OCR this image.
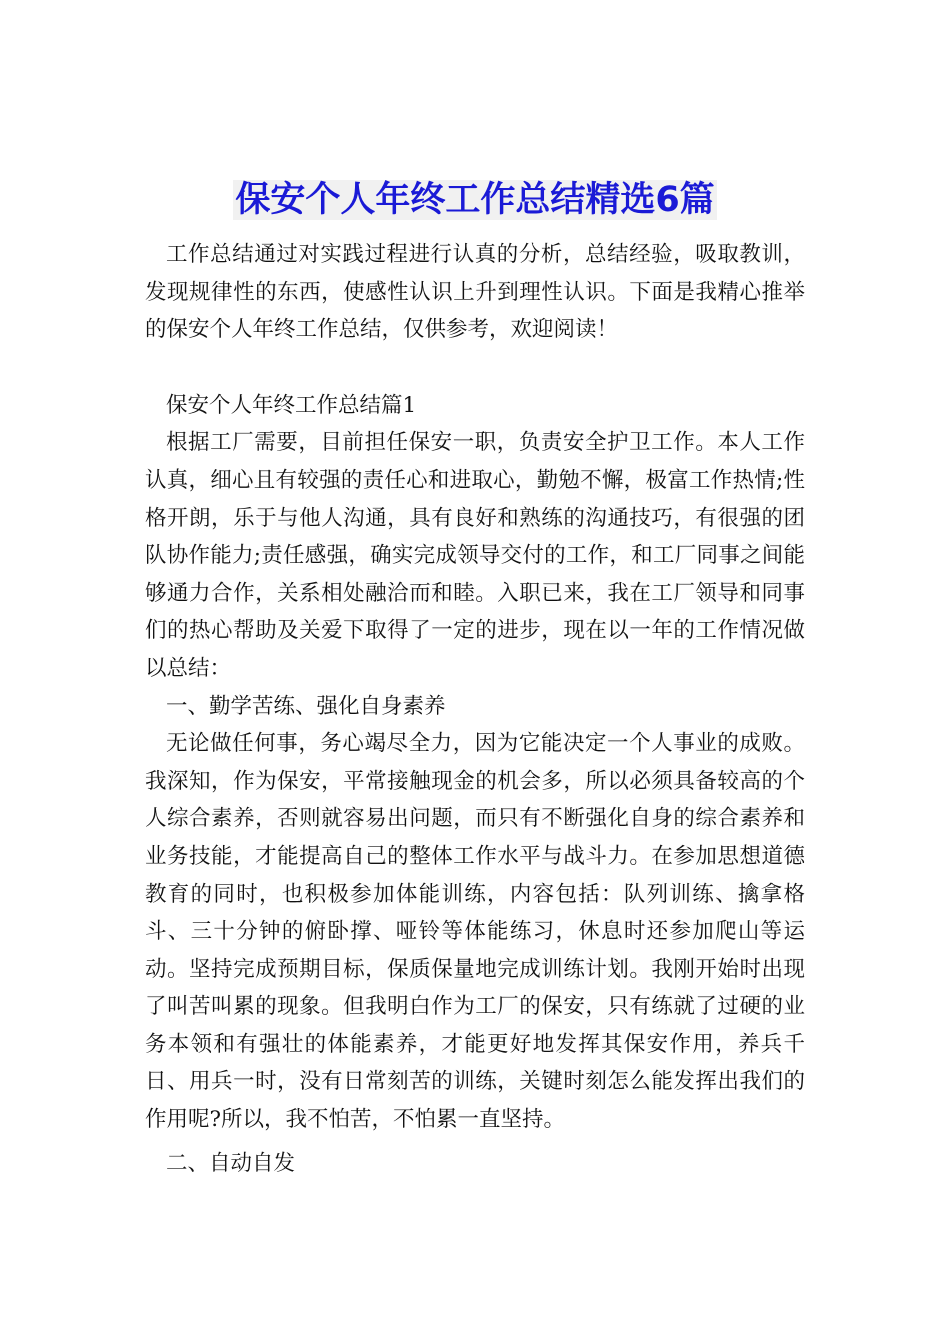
保安个人年终工作总结精选6篇

工作总结通过对实践过程进行认真的分析，总结经验，吸取教训，发现规律性的东西，使感性认识上升到理性认识。下面是我精心推举的保安个人年终工作总结，仅供参考，欢迎阅读！

保安个人年终工作总结篇1

根据工厂需要，目前担任保安一职，负责安全护卫工作。本人工作认真，细心且有较强的责任心和进取心，勤勉不懈，极富工作热情;性格开朗，乐于与他人沟通，具有良好和熟练的沟通技巧，有很强的团队协作能力;责任感强，确实完成领导交付的工作，和工厂同事之间能够通力合作，关系相处融洽而和睦。入职已来，我在工厂领导和同事们的热心帮助及关爱下取得了一定的进步，现在以一年的工作情况做以总结：

一、勤学苦练、强化自身素养

无论做任何事，务心竭尽全力，因为它能决定一个人事业的成败。我深知，作为保安，平常接触现金的机会多，所以必须具备较高的个人综合素养，否则就容易出问题，而只有不断强化自身的综合素养和业务技能，才能提高自己的整体工作水平与战斗力。在参加思想道德教育的同时，也积极参加体能训练，内容包括：队列训练、擒拿格斗、三十分钟的俯卧撑、哑铃等体能练习，休息时还参加爬山等运动。坚持完成预期目标，保质保量地完成训练计划。我刚开始时出现了叫苦叫累的现象。但我明白作为工厂的保安，只有练就了过硬的业务本领和有强壮的体能素养，才能更好地发挥其保安作用，养兵千日、用兵一时，没有日常刻苦的训练，关键时刻怎么能发挥出我们的作用呢?所以，我不怕苦，不怕累一直坚持。

二、自动自发
